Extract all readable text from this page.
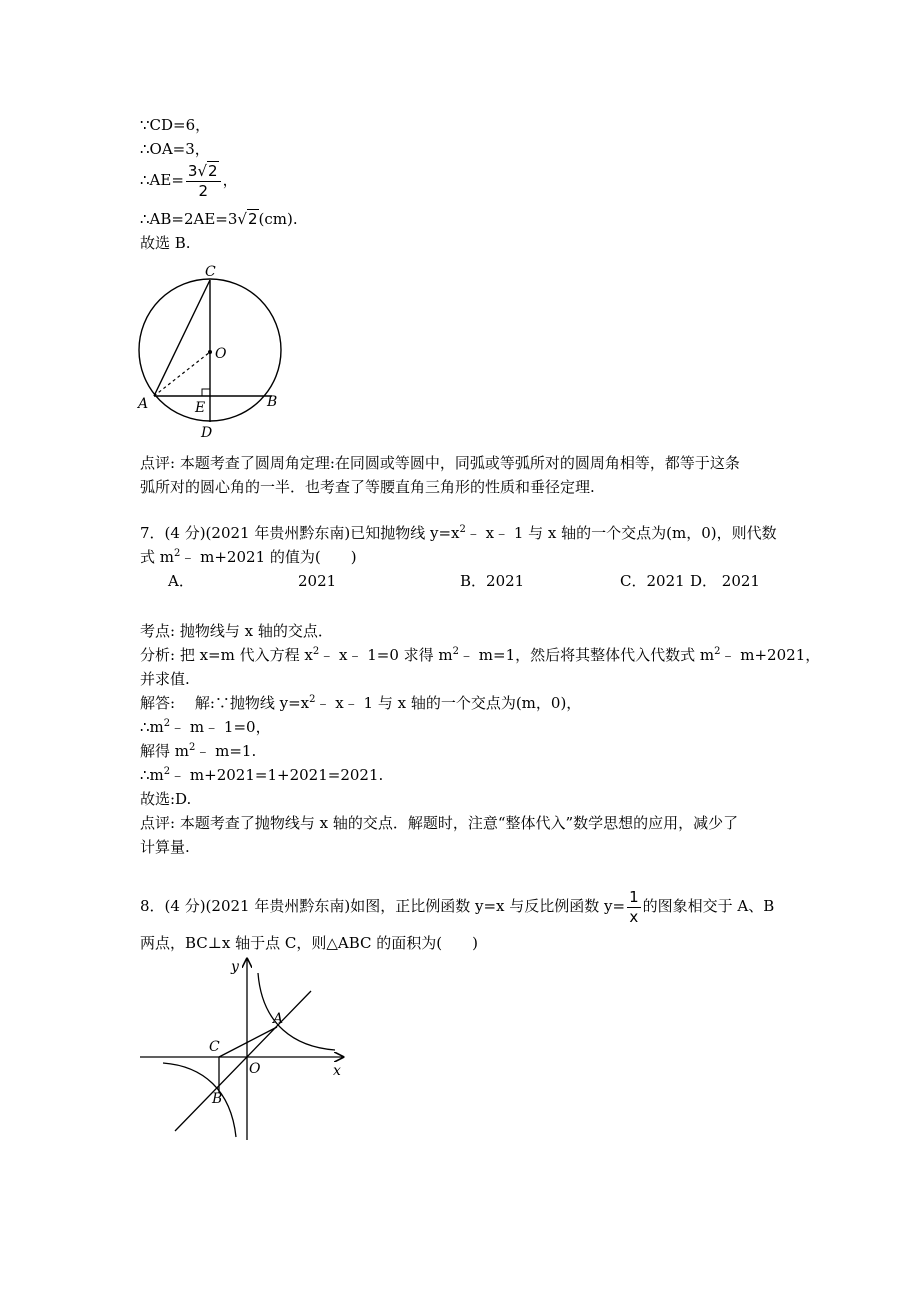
∵CD=6，
∴OA=3，
∴AE= $\frac{3√2}{2}$ ，
∴AB=2AE=3√2(cm).
故选 B.
C
O
A	E	B
D
点评: 本题考查了圆周角定理:在同圆或等圆中，同弧或等弧所对的圆周角相等，都等于这条
弧所对的圆心角的一半．也考查了等腰直角三角形的性质和垂径定理.
7．(4 分)(2021 年贵州黔东南)已知抛物线 $y=x^2﹣$ x﹣ 1 与 x 轴的一个交点为(m，0)，则代数
式 $m^2﹣$ m+2021 的值为(　　)
A．	2021	B．2021	C．2021 D． 2021
考点: 抛物线与 x 轴的交点．
分析: 把 x=m 代入方程 $x^2﹣$ x﹣ 1=0 求得 $m^2﹣$ m=1，然后将其整体代入代数式 $m^2﹣$ m+2021，
并求值.
解答:　 解:∵抛物线 $y=x^2﹣$ x﹣ 1 与 x 轴的一个交点为(m，0)，
$\therefore m^2﹣$ m﹣ 1=0，
解得 $m^2﹣$ m=1.
$\therefore m^2﹣$ m+2021=1+2021=2021.
故选:D.
点评: 本题考查了抛物线与 x 轴的交点．解题时，注意“整体代入”数学思想的应用，减少了
计算量.
8．(4 分)(2021 年贵州黔东南)如图，正比例函数 y=x 与反比例函数 $y= \frac{1}{x}$ 的图象相交于 A、B
两点，BC⊥x 轴于点 C，则△ABC 的面积为(　　)
y
x
A
C
O
B
